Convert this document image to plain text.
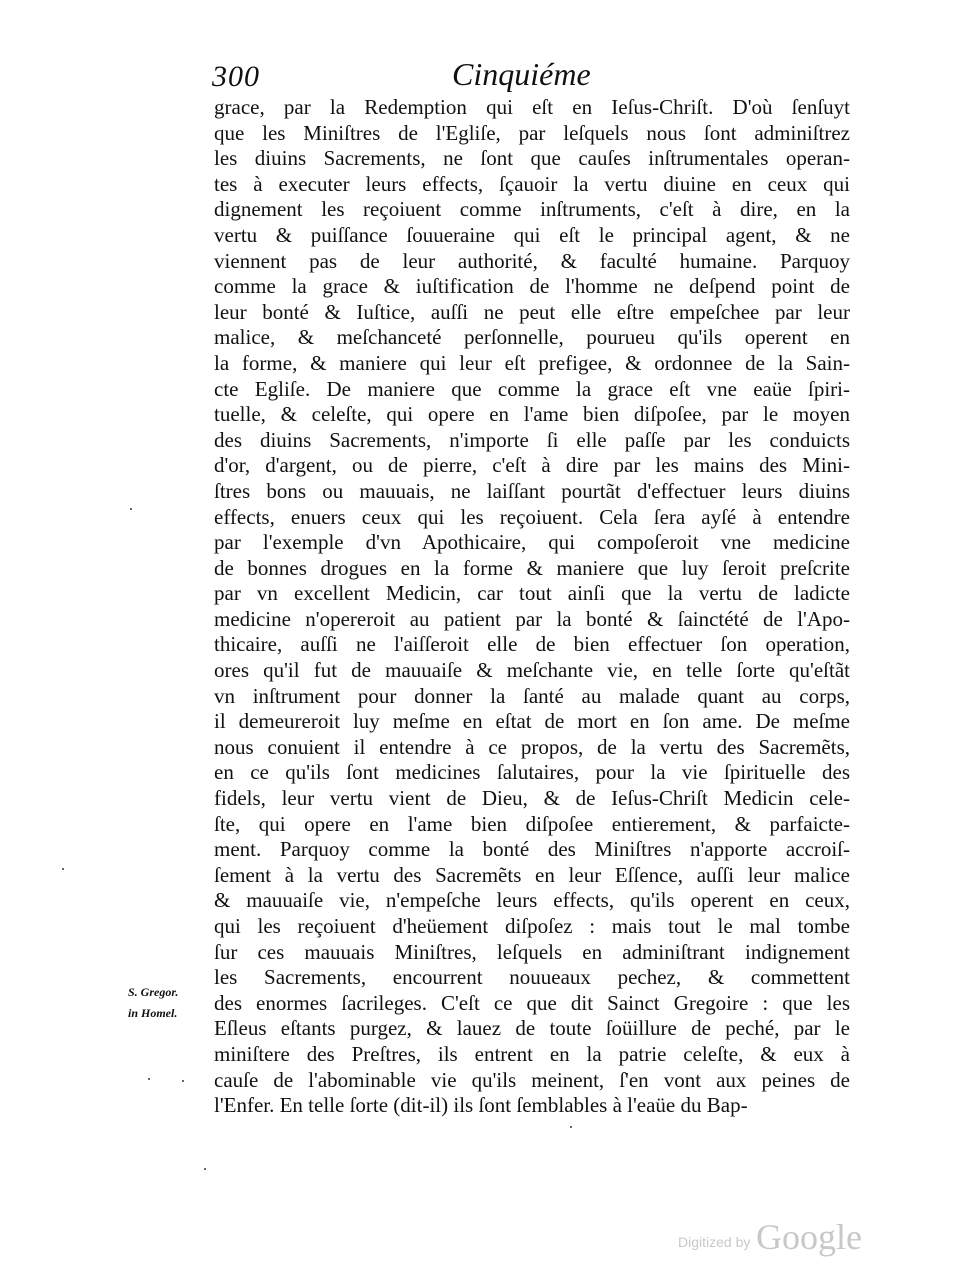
300	Cinquiéme
grace, par la Redemption qui eſt en Ieſus-Chriſt. D'où ſenſuyt
que les Miniſtres de l'Egliſe, par leſquels nous ſont adminiſtrez
les diuins Sacrements, ne ſont que cauſes inſtrumentales operan-
tes à executer leurs effects, ſçauoir la vertu diuine en ceux qui
dignement les reçoiuent comme inſtruments, c'eſt à dire, en la
vertu & puiſſance ſouueraine qui eſt le principal agent, & ne
viennent pas de leur authorité, & faculté humaine. Parquoy
comme la grace & iuſtification de l'homme ne deſpend point de
leur bonté & Iuſtice, auſſi ne peut elle eſtre empeſchee par leur
malice, & meſchanceté perſonnelle, pourueu qu'ils operent en
la forme, & maniere qui leur eſt prefigee, & ordonnee de la Sain-
cte Egliſe. De maniere que comme la grace eſt vne eaüe ſpiri-
tuelle, & celeſte, qui opere en l'ame bien diſpoſee, par le moyen
des diuins Sacrements, n'importe ſi elle paſſe par les conduicts
d'or, d'argent, ou de pierre, c'eſt à dire par les mains des Mini-
ſtres bons ou mauuais, ne laiſſant pourtãt d'effectuer leurs diuins
effects, enuers ceux qui les reçoiuent. Cela ſera ayſé à entendre
par l'exemple d'vn Apothicaire, qui compoſeroit vne medicine
de bonnes drogues en la forme & maniere que luy ſeroit preſcrite
par vn excellent Medicin, car tout ainſi que la vertu de ladicte
medicine n'opereroit au patient par la bonté & ſainctété de l'Apo-
thicaire, auſſi ne l'aiſſeroit elle de bien effectuer ſon operation,
ores qu'il fut de mauuaiſe & meſchante vie, en telle ſorte qu'eſtãt
vn inſtrument pour donner la ſanté au malade quant au corps,
il demeureroit luy meſme en eſtat de mort en ſon ame. De meſme
nous conuient il entendre à ce propos, de la vertu des Sacremẽts,
en ce qu'ils ſont medicines ſalutaires, pour la vie ſpirituelle des
fidels, leur vertu vient de Dieu, & de Ieſus-Chriſt Medicin cele-
ſte, qui opere en l'ame bien diſpoſee entierement, & parfaicte-
ment. Parquoy comme la bonté des Miniſtres n'apporte accroiſ-
ſement à la vertu des Sacremẽts en leur Eſſence, auſſi leur malice
& mauuaiſe vie, n'empeſche leurs effects, qu'ils operent en ceux,
qui les reçoiuent d'heüement diſpoſez : mais tout le mal tombe
ſur ces mauuais Miniſtres, leſquels en adminiſtrant indignement
les Sacrements, encourrent nouueaux pechez, & commettent
des enormes ſacrileges. C'eſt ce que dit Sainct Gregoire : que les
Eſleus eſtants purgez, & lauez de toute ſoüillure de peché, par le
miniſtere des Preſtres, ils entrent en la patrie celeſte, & eux à
cauſe de l'abominable vie qu'ils meinent, ſ'en vont aux peines de
l'Enfer. En telle ſorte (dit-il) ils ſont ſemblables à l'eaüe du Bap-
S. Gregor.
in Homel.
Digitized by Google
